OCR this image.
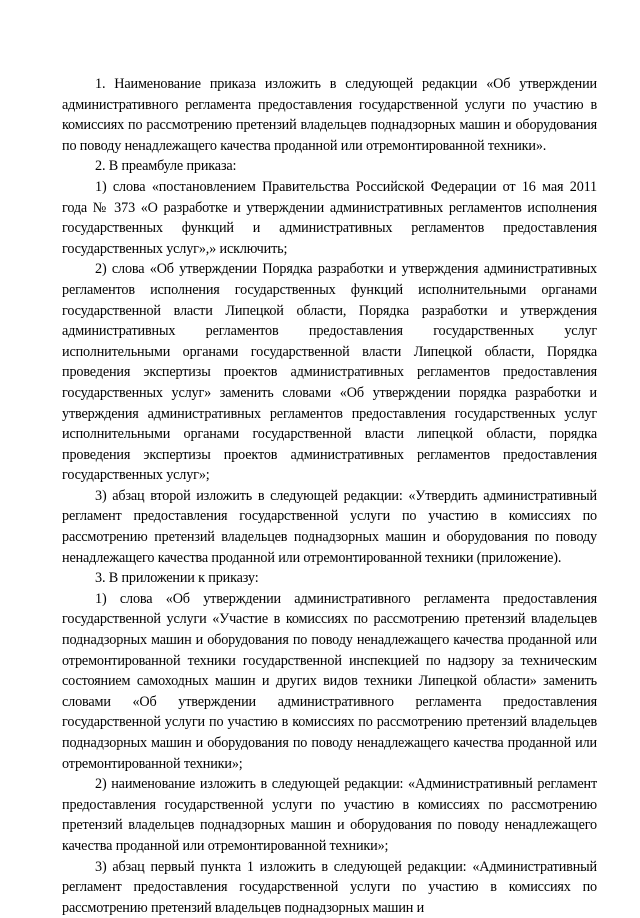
1. Наименование приказа изложить в следующей редакции «Об утверждении административного регламента предоставления государственной услуги по участию в комиссиях по рассмотрению претензий владельцев поднадзорных машин и оборудования по поводу ненадлежащего качества проданной или отремонтированной техники».

2. В преамбуле приказа:

1) слова «постановлением Правительства Российской Федерации от 16 мая 2011 года № 373 «О разработке и утверждении административных регламентов исполнения государственных функций и административных регламентов предоставления государственных услуг»,» исключить;

2) слова «Об утверждении Порядка разработки и утверждения административных регламентов исполнения государственных функций исполнительными органами государственной власти Липецкой области, Порядка разработки и утверждения административных регламентов предоставления государственных услуг исполнительными органами государственной власти Липецкой области, Порядка проведения экспертизы проектов административных регламентов предоставления государственных услуг» заменить словами «Об утверждении порядка разработки и утверждения административных регламентов предоставления государственных услуг исполнительными органами государственной власти липецкой области, порядка проведения экспертизы проектов административных регламентов предоставления государственных услуг»;

3) абзац второй изложить в следующей редакции: «Утвердить административный регламент предоставления государственной услуги по участию в комиссиях по рассмотрению претензий владельцев поднадзорных машин и оборудования по поводу ненадлежащего качества проданной или отремонтированной техники (приложение).

3. В приложении к приказу:

1) слова «Об утверждении административного регламента предоставления государственной услуги «Участие в комиссиях по рассмотрению претензий владельцев поднадзорных машин и оборудования по поводу ненадлежащего качества проданной или отремонтированной техники государственной инспекцией по надзору за техническим состоянием самоходных машин и других видов техники Липецкой области» заменить словами «Об утверждении административного регламента предоставления государственной услуги по участию в комиссиях по рассмотрению претензий владельцев поднадзорных машин и оборудования по поводу ненадлежащего качества проданной или отремонтированной техники»;

2) наименование изложить в следующей редакции: «Административный регламент предоставления государственной услуги по участию в комиссиях по рассмотрению претензий владельцев поднадзорных машин и оборудования по поводу ненадлежащего качества проданной или отремонтированной техники»;

3) абзац первый пункта 1 изложить в следующей редакции: «Административный регламент предоставления государственной услуги по участию в комиссиях по рассмотрению претензий владельцев поднадзорных машин и
